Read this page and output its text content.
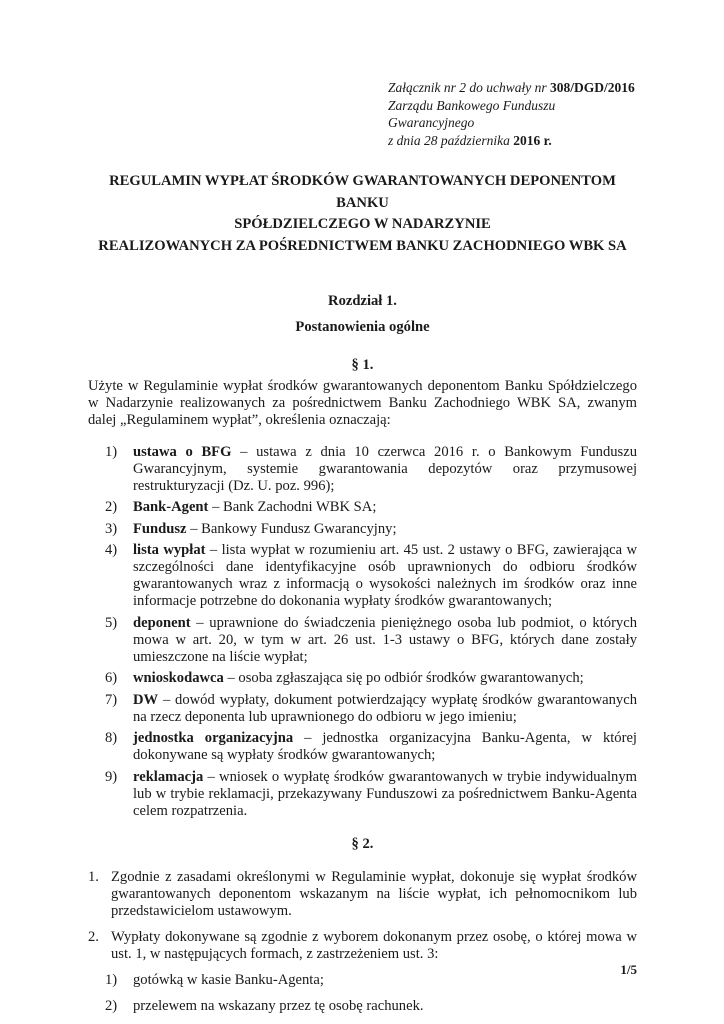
Załącznik nr 2 do uchwały nr 308/DGD/2016
Zarządu Bankowego Funduszu Gwarancyjnego
z dnia 28 października 2016 r.
REGULAMIN WYPŁAT ŚRODKÓW GWARANTOWANYCH DEPONENTOM BANKU
SPÓŁDZIELCZEGO W NADARZYNIE
REALIZOWANYCH ZA POŚREDNICTWEM BANKU ZACHODNIEGO WBK SA
Rozdział 1.
Postanowienia ogólne
§ 1.

Użyte w Regulaminie wypłat środków gwarantowanych deponentom Banku Spółdzielczego w Nadarzynie realizowanych za pośrednictwem Banku Zachodniego WBK SA, zwanym dalej „Regulaminem wypłat”, określenia oznaczają:

1)	ustawa o BFG – ustawa z dnia 10 czerwca 2016 r. o Bankowym Funduszu Gwarancyjnym, systemie gwarantowania depozytów oraz przymusowej restrukturyzacji (Dz. U. poz. 996);
2)	Bank-Agent – Bank Zachodni WBK SA;
3)	Fundusz – Bankowy Fundusz Gwarancyjny;
4)	lista wypłat – lista wypłat w rozumieniu art. 45 ust. 2 ustawy o BFG, zawierająca w szczególności dane identyfikacyjne osób uprawnionych do odbioru środków gwarantowanych wraz z informacją o wysokości należnych im środków oraz inne informacje potrzebne do dokonania wypłaty środków gwarantowanych;
5)	deponent – uprawnione do świadczenia pieniężnego osoba lub podmiot, o których mowa w art. 20, w tym w art. 26 ust. 1-3 ustawy o BFG, których dane zostały umieszczone na liście wypłat;
6)	wnioskodawca – osoba zgłaszająca się po odbiór środków gwarantowanych;
7)	DW – dowód wypłaty, dokument potwierdzający wypłatę środków gwarantowanych na rzecz deponenta lub uprawnionego do odbioru w jego imieniu;
8)	jednostka organizacyjna – jednostka organizacyjna Banku-Agenta, w której dokonywane są wypłaty środków gwarantowanych;
9)	reklamacja – wniosek o wypłatę środków gwarantowanych w trybie indywidualnym lub w trybie reklamacji, przekazywany Funduszowi za pośrednictwem Banku-Agenta celem rozpatrzenia.
§ 2.
1. Zgodnie z zasadami określonymi w Regulaminie wypłat, dokonuje się wypłat środków gwarantowanych deponentom wskazanym na liście wypłat, ich pełnomocnikom lub przedstawicielom ustawowym.
2. Wypłaty dokonywane są zgodnie z wyborem dokonanym przez osobę, o której mowa w ust. 1, w następujących formach, z zastrzeżeniem ust. 3:
1)	gotówką w kasie Banku-Agenta;
2)	przelewem na wskazany przez tę osobę rachunek.
1/5
